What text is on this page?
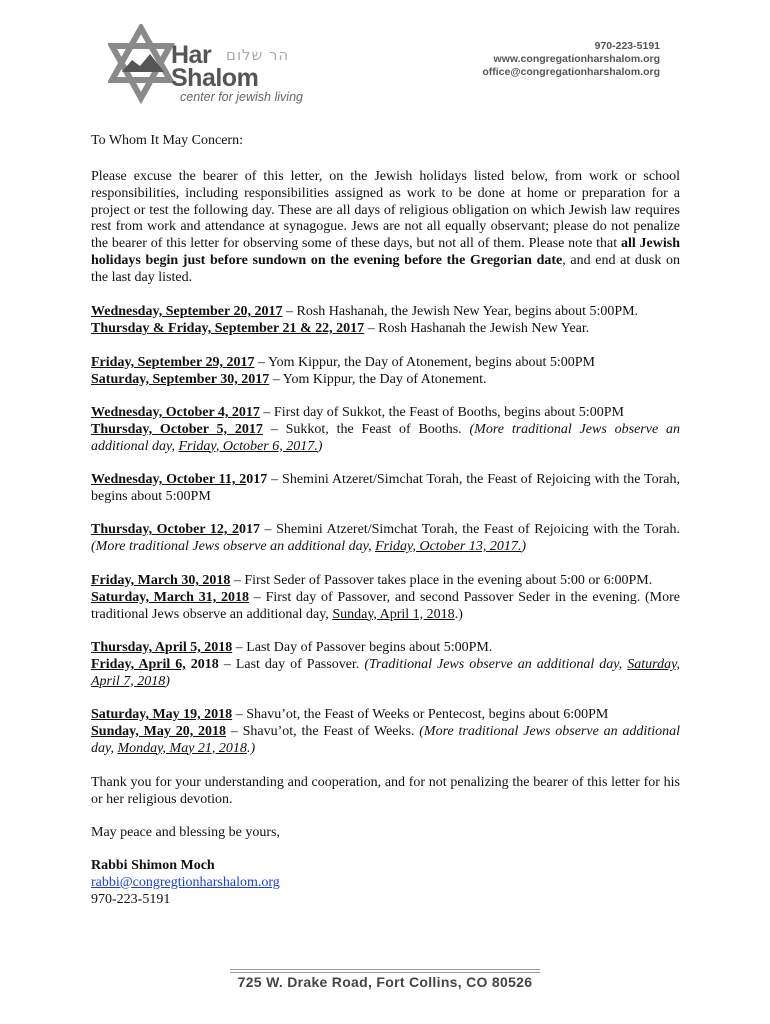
Har הר שלום
Shalom
center for jewish living
970-223-5191
www.congregationharshalom.org
office@congregationharshalom.org
To Whom It May Concern:
Please excuse the bearer of this letter, on the Jewish holidays listed below, from work or school responsibilities, including responsibilities assigned as work to be done at home or preparation for a project or test the following day. These are all days of religious obligation on which Jewish law requires rest from work and attendance at synagogue. Jews are not all equally observant; please do not penalize the bearer of this letter for observing some of these days, but not all of them. Please note that all Jewish holidays begin just before sundown on the evening before the Gregorian date, and end at dusk on the last day listed.
Wednesday, September 20, 2017 – Rosh Hashanah, the Jewish New Year, begins about 5:00PM.
Thursday & Friday, September 21 & 22, 2017 – Rosh Hashanah the Jewish New Year.
Friday, September 29, 2017 – Yom Kippur, the Day of Atonement, begins about 5:00PM
Saturday, September 30, 2017 – Yom Kippur, the Day of Atonement.
Wednesday, October 4, 2017 – First day of Sukkot, the Feast of Booths, begins about 5:00PM
Thursday, October 5, 2017 – Sukkot, the Feast of Booths. (More traditional Jews observe an additional day, Friday, October 6, 2017.)
Wednesday, October 11, 2017 – Shemini Atzeret/Simchat Torah, the Feast of Rejoicing with the Torah, begins about 5:00PM
Thursday, October 12, 2017 – Shemini Atzeret/Simchat Torah, the Feast of Rejoicing with the Torah. (More traditional Jews observe an additional day, Friday, October 13, 2017.)
Friday, March 30, 2018 – First Seder of Passover takes place in the evening about 5:00 or 6:00PM.
Saturday, March 31, 2018 – First day of Passover, and second Passover Seder in the evening. (More traditional Jews observe an additional day, Sunday, April 1, 2018.)
Thursday, April 5, 2018 – Last Day of Passover begins about 5:00PM.
Friday, April 6, 2018 – Last day of Passover. (Traditional Jews observe an additional day, Saturday, April 7, 2018)
Saturday, May 19, 2018 – Shavu’ot, the Feast of Weeks or Pentecost, begins about 6:00PM
Sunday, May 20, 2018 – Shavu’ot, the Feast of Weeks. (More traditional Jews observe an additional day, Monday, May 21, 2018.)
Thank you for your understanding and cooperation, and for not penalizing the bearer of this letter for his or her religious devotion.
May peace and blessing be yours,
Rabbi Shimon Moch
rabbi@congregtionharshalom.org
970-223-5191
725 W. Drake Road, Fort Collins, CO 80526
